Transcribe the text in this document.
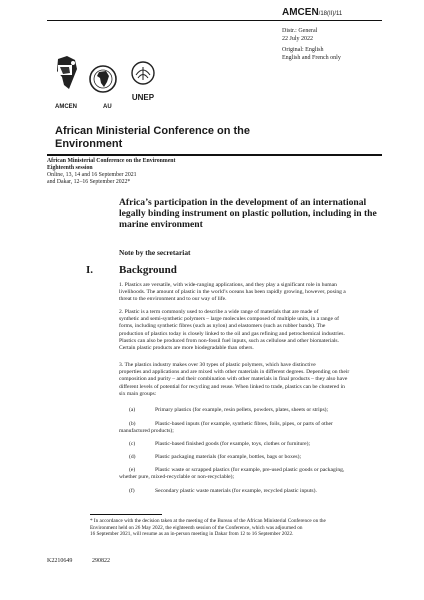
AMCEN/18(II)/11
Distr.: General
22 July 2022
Original: English
English and French only
UNEP
AMCEN	AU
African Ministerial Conference on the
Environment
African Ministerial Conference on the Environment
Eighteenth session
Online, 13, 14 and 16 September 2021
and Dakar, 12–16 September 2022*
Africa’s participation in the development of an international
legally binding instrument on plastic pollution, including in the
marine environment
Note by the secretariat
I. Background
1. Plastics are versatile, with wide-ranging applications, and they play a significant role in human
livelihoods. The amount of plastic in the world’s oceans has been rapidly growing, however, posing a
threat to the environment and to our way of life.
2. Plastic is a term commonly used to describe a wide range of materials that are made of
synthetic and semi-synthetic polymers – large molecules composed of multiple units, in a range of
forms, including synthetic fibres (such as nylon) and elastomers (such as rubber bands). The
production of plastics today is closely linked to the oil and gas refining and petrochemical industries.
Plastics can also be produced from non-fossil fuel inputs, such as cellulose and other biomaterials.
Certain plastic products are more biodegradable than others.
3. The plastics industry makes over 30 types of plastic polymers, which have distinctive
properties and applications and are mixed with other materials in different degrees. Depending on their
composition and purity – and their combination with other materials in final products – they also have
different levels of potential for recycling and reuse. When linked to trade, plastics can be clustered in
six main groups:
(a)	Primary plastics (for example, resin pellets, powders, plates, sheets or strips);
(b)	Plastic-based inputs (for example, synthetic fibres, foils, pipes, or parts of other
manufactured products);
(c)	Plastic-based finished goods (for example, toys, clothes or furniture);
(d)	Plastic packaging materials (for example, bottles, bags or boxes);
(e)	Plastic waste or scrapped plastics (for example, pre-used plastic goods or packaging,
whether pure, mixed-recyclable or non-recyclable);
(f)	Secondary plastic waste materials (for example, recycled plastic inputs).
* In accordance with the decision taken at the meeting of the Bureau of the African Ministerial Conference on the
Environment held on 26 May 2022, the eighteenth session of the Conference, which was adjourned on
16 September 2021, will resume as an in-person meeting in Dakar from 12 to 16 September 2022.
K2210649	290822
